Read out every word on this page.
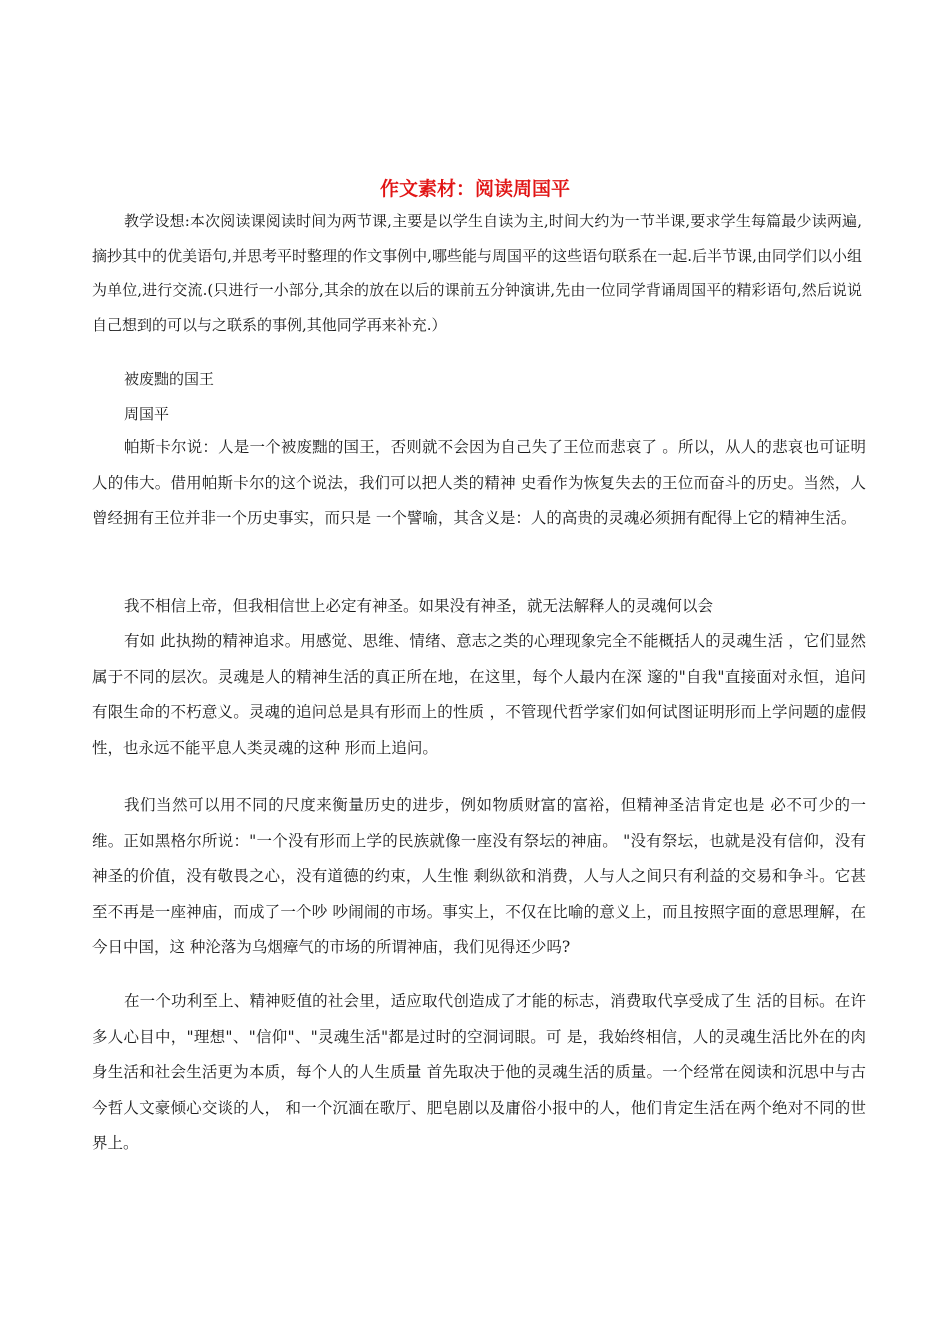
作文素材：阅读周国平

教学设想:本次阅读课阅读时间为两节课,主要是以学生自读为主,时间大约为一节半课,要求学生每篇最少读两遍,摘抄其中的优美语句,并思考平时整理的作文事例中,哪些能与周国平的这些语句联系在一起.后半节课,由同学们以小组为单位,进行交流.(只进行一小部分,其余的放在以后的课前五分钟演讲,先由一位同学背诵周国平的精彩语句,然后说说自己想到的可以与之联系的事例,其他同学再来补充.）

被废黜的国王

周国平

帕斯卡尔说：人是一个被废黜的国王，否则就不会因为自己失了王位而悲哀了 。所以，从人的悲哀也可证明人的伟大。借用帕斯卡尔的这个说法，我们可以把人类的精神 史看作为恢复失去的王位而奋斗的历史。当然，人曾经拥有王位并非一个历史事实，而只是 一个譬喻，其含义是：人的高贵的灵魂必须拥有配得上它的精神生活。

我不相信上帝，但我相信世上必定有神圣。如果没有神圣，就无法解释人的灵魂何以会

有如 此执拗的精神追求。用感觉、思维、情绪、意志之类的心理现象完全不能概括人的灵魂生活 ，它们显然属于不同的层次。灵魂是人的精神生活的真正所在地，在这里，每个人最内在深 邃的"自我"直接面对永恒，追问有限生命的不朽意义。灵魂的追问总是具有形而上的性质 ，不管现代哲学家们如何试图证明形而上学问题的虚假性，也永远不能平息人类灵魂的这种 形而上追问。

我们当然可以用不同的尺度来衡量历史的进步，例如物质财富的富裕，但精神圣洁肯定也是 必不可少的一维。正如黑格尔所说："一个没有形而上学的民族就像一座没有祭坛的神庙。 "没有祭坛，也就是没有信仰，没有神圣的价值，没有敬畏之心，没有道德的约束，人生惟 剩纵欲和消费，人与人之间只有利益的交易和争斗。它甚至不再是一座神庙，而成了一个吵 吵闹闹的市场。事实上，不仅在比喻的意义上，而且按照字面的意思理解，在今日中国，这 种沦落为乌烟瘴气的市场的所谓神庙，我们见得还少吗?

在一个功利至上、精神贬值的社会里，适应取代创造成了才能的标志，消费取代享受成了生 活的目标。在许多人心目中，"理想"、"信仰"、"灵魂生活"都是过时的空洞词眼。可 是，我始终相信，人的灵魂生活比外在的肉身生活和社会生活更为本质，每个人的人生质量 首先取决于他的灵魂生活的质量。一个经常在阅读和沉思中与古今哲人文豪倾心交谈的人， 和一个沉湎在歌厅、肥皂剧以及庸俗小报中的人，他们肯定生活在两个绝对不同的世界上。
